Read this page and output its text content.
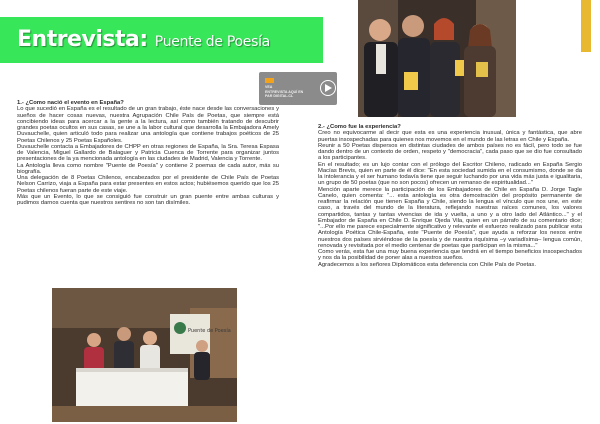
Entrevista: Puente de Poesía
VEA
ENTREVISTA AQUÍ EN
PAR DIGITAL.CL

1.- ¿Como nació el evento en España?

Lo que sucedió en España es el resultado de un gran trabajo, éste nace desde las conversaciones y sueños de hacer cosas nuevas, nuestra Agrupación Chile País de Poetas, que siempre está concibiendo ideas para acercar a la gente a la lectura, así como también tratando de descubrir grandes poetas ocultos en sus casas, se une a la labor cultural que desarrolla la Embajadora Amely Duvauchelle, quien articuló todo para realizar una antología que contiene trabajos poéticos de 25 Poetas Chilenos y 25 Poetas Españoles.

Duvauchelle contacta a Embajadores de CHPP en otras regiones de España, la Sra. Teresa Espasa de Valencia, Miguel Gallardo de Balaguer y Patricia Cuenca de Torrente para organizar juntos presentaciones de la ya mencionada antología en las ciudades de Madrid, Valencia y Torrente.

La Antología lleva como nombre "Puente de Poesía" y contiene 2 poemas de cada autor, más su biografía.

Una delegación de 8 Poetas Chilenos, encabezados por el presidente de Chile País de Poetas Nelson Carrizo, viaja a España para estar presentes en estos actos; hubiésemos querido que los 25 Poetas chilenos fueran parte de este viaje.

Más que un Evento, lo que se consiguió fue construir un gran puente entre ambas culturas y pudimos darnos cuenta que nuestros sentires no son tan disímiles.

2.- ¿Como fue la experiencia?

Creo no equivocarme al decir que esta es una experiencia inusual, única y fantástica, que abre puertas insospechadas para quienes nos movemos en el mundo de las letras en Chile y España.

Reunir a 50 Poetas dispersos en distintas ciudades de ambos países no es fácil, pero todo se fue dando dentro de un contexto de orden, respeto y "democracia", cada paso que se dio fue consultado a los participantes.

En el resultado; es un lujo contar con el prólogo del Escritor Chileno, radicado en España Sergio Macías Brevis, quien en parte de él dice: "En esta sociedad sumida en el consumismo, donde se da la intolerancia y el ser humano todavía tiene que seguir luchando por una vida más justa e igualitaria, un grupo de 50 poetas (que no son pocos) ofrecen un remanso de espiritualidad..."

Mención aparte merece la participación de los Embajadores de Chile en España D. Jorge Tagle Canelo, quien comenta: "... esta antología es otra demostración del propósito permanente de reafirmar la relación que tienen España y Chile, siendo la lengua el vínculo que nos une, en este caso, a través del mundo de la literatura, reflejando nuestras raíces comunes, los valores compartidos, tantas y tantas vivencias de ida y vuelta, a uno y a otro lado del Atlántico..." y el Embajador de España en Chile D. Enrique Ojeda Vila, quien en un párrafo de su comentario dice; "...Por ello me parece especialmente significativo y relevante el esfuerzo realizado para publicar esta Antología Poética Chile-España, este "Puente de Poesía", que ayuda a reforzar los nexos entre nuestros dos países sirviéndose de la poesía y de nuestra riquísima –y variadísima– lengua común, renovada y revisitada por el medio centenar de poetas que participan en la misma..."

Como verás, esta fue una muy buena experiencia que tendrá en el tiempo beneficios insospechados y nos da la posibilidad de poner alas a nuestros sueños.

Agradecemos a los señores Diplomáticos esta deferencia con Chile País de Poetas.

Puente de Poesía
